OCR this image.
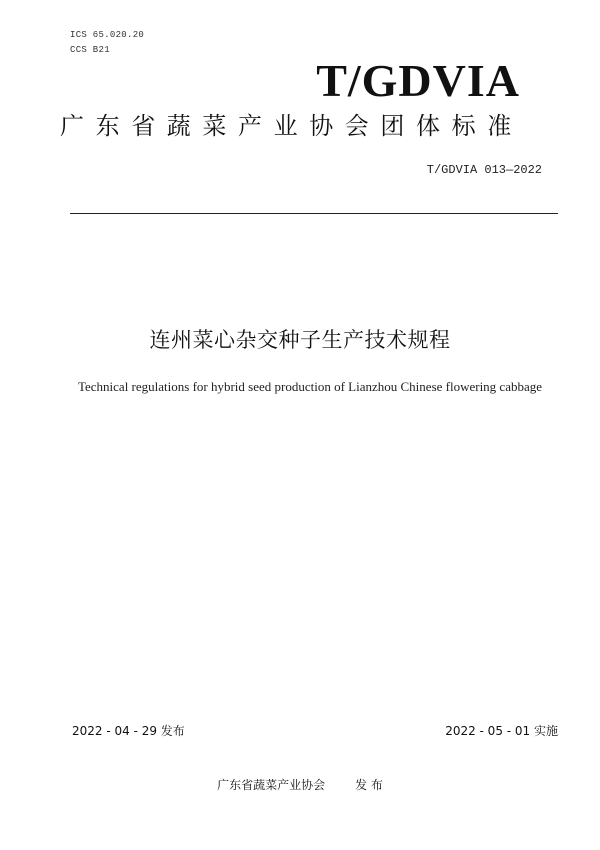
ICS 65.020.20
CCS B21
T/GDVIA
广东省蔬菜产业协会团体标准
T/GDVIA 013—2022
连州菜心杂交种子生产技术规程
Technical regulations for hybrid seed production of Lianzhou Chinese flowering cabbage
2022 - 04 - 29 发布	2022 - 05 - 01 实施
广东省蔬菜产业协会	发 布
